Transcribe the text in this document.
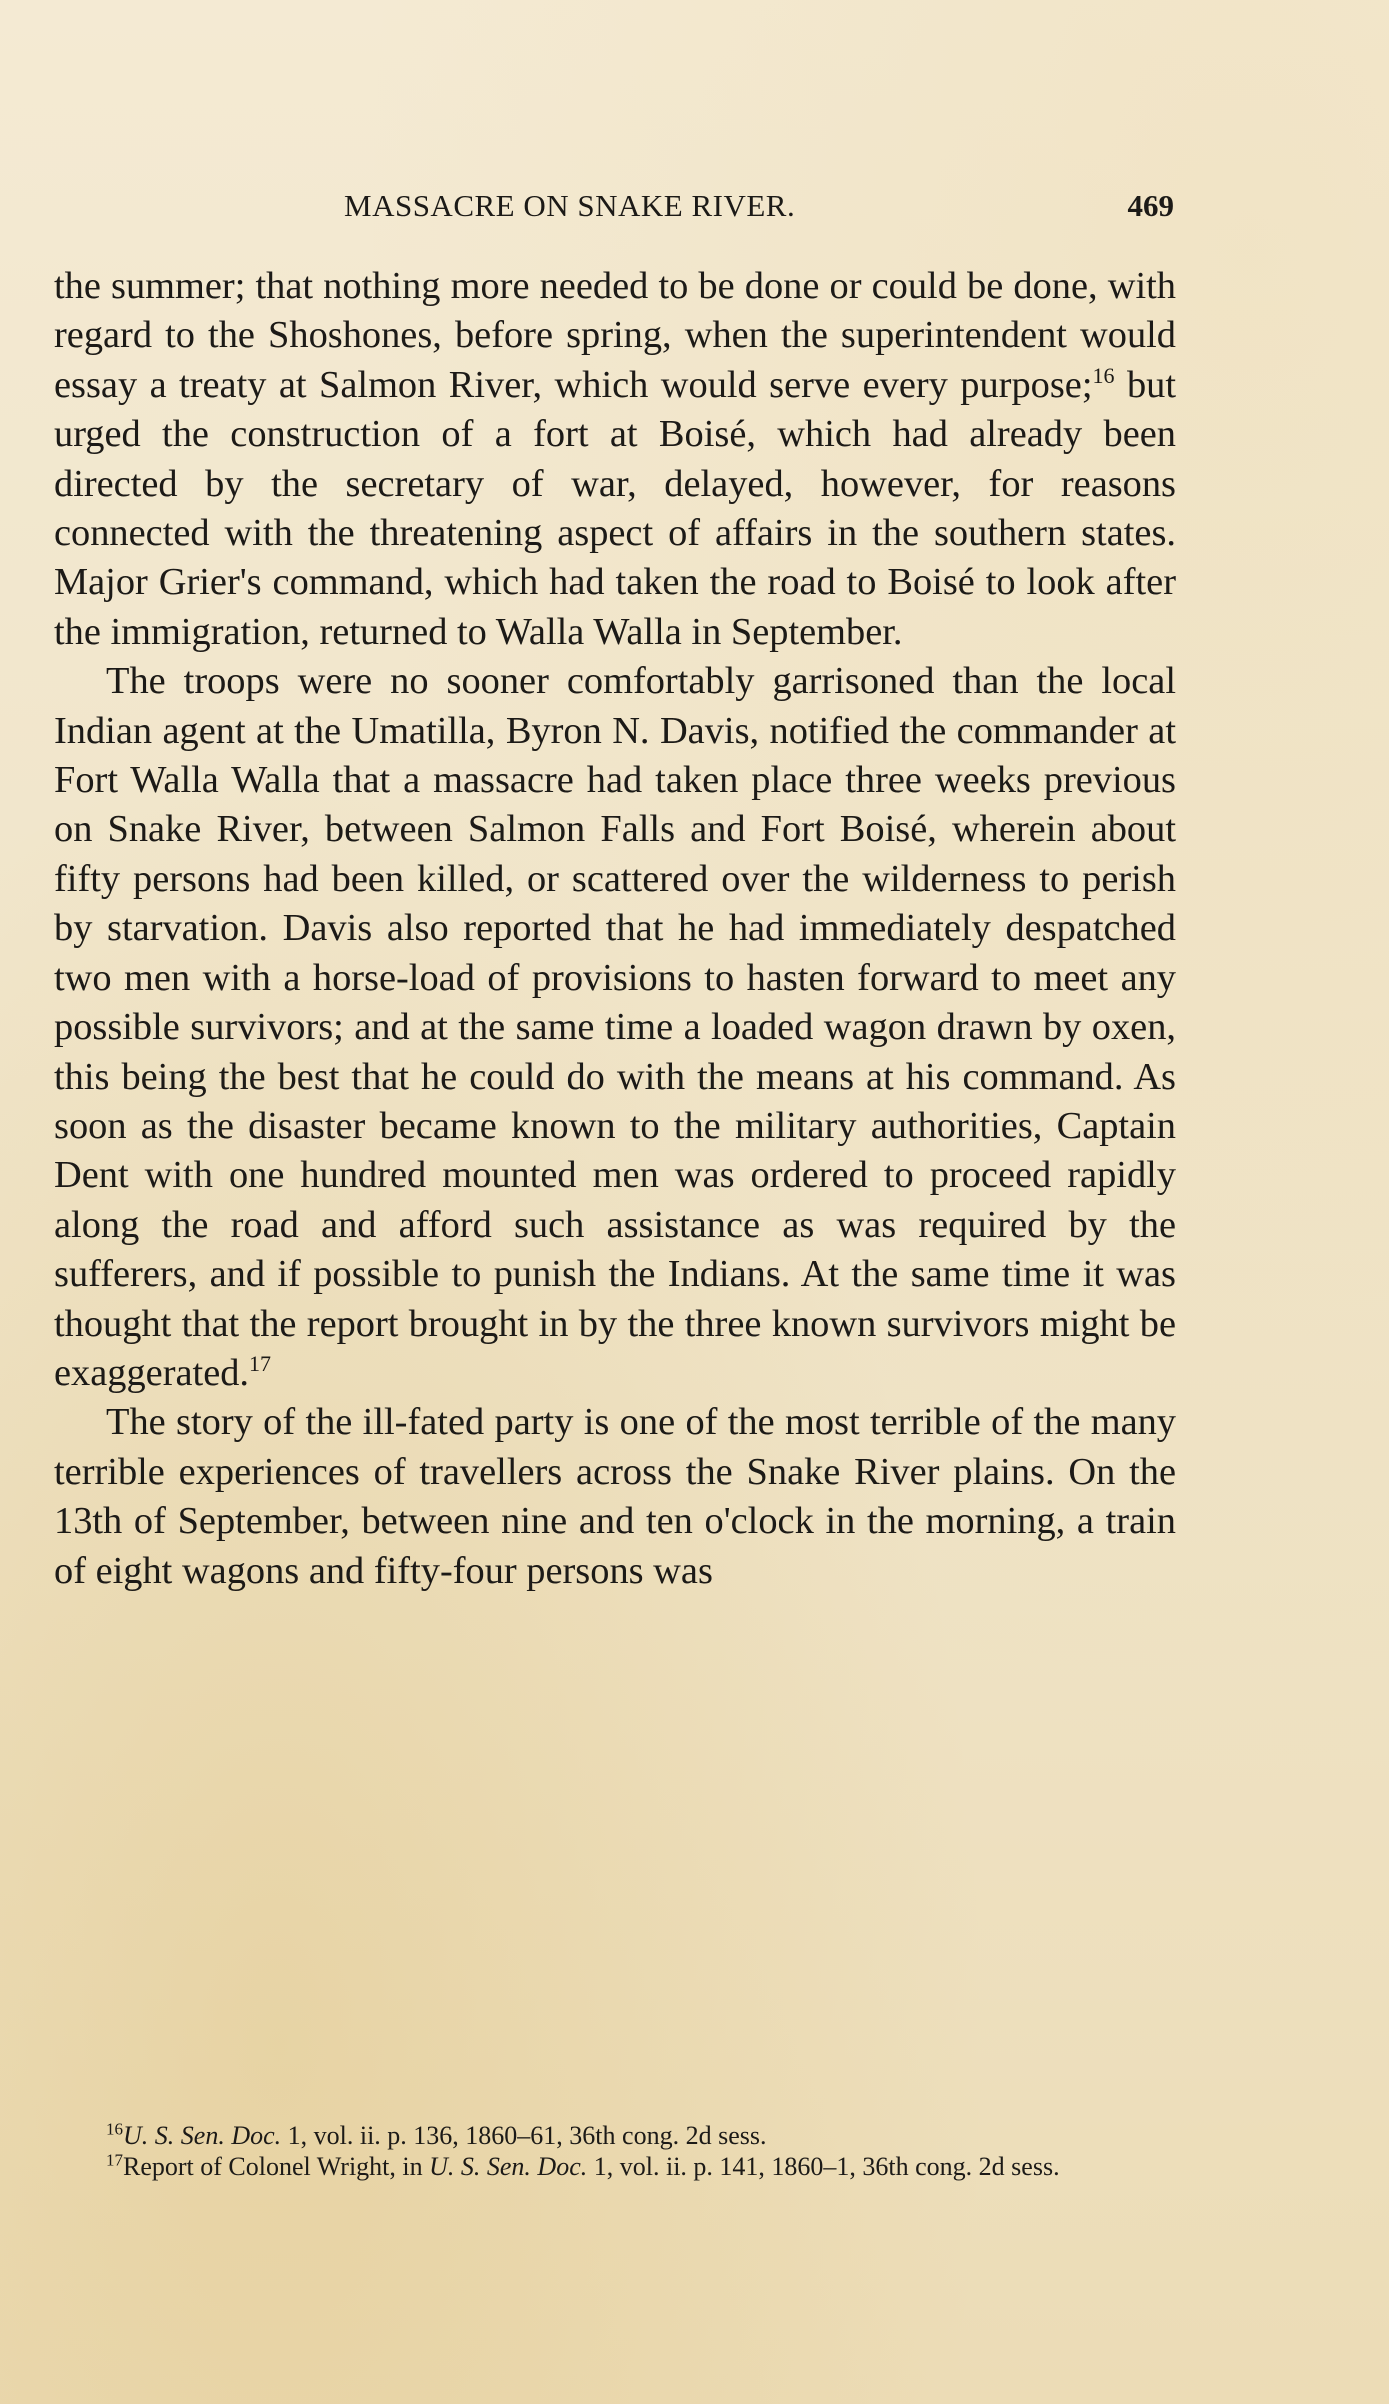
MASSACRE ON SNAKE RIVER.	469

the summer; that nothing more needed to be done or could be done, with regard to the Shoshones, before spring, when the superintendent would essay a treaty at Salmon River, which would serve every purpose;$^{16}$ but urged the construction of a fort at Boisé, which had already been directed by the secretary of war, delayed, however, for reasons connected with the threatening aspect of affairs in the southern states. Major Grier's command, which had taken the road to Boisé to look after the immigration, returned to Walla Walla in September.

The troops were no sooner comfortably garrisoned than the local Indian agent at the Umatilla, Byron N. Davis, notified the commander at Fort Walla Walla that a massacre had taken place three weeks previous on Snake River, between Salmon Falls and Fort Boisé, wherein about fifty persons had been killed, or scattered over the wilderness to perish by starvation. Davis also reported that he had immediately despatched two men with a horse-load of provisions to hasten forward to meet any possible survivors; and at the same time a loaded wagon drawn by oxen, this being the best that he could do with the means at his command. As soon as the disaster became known to the military authorities, Captain Dent with one hundred mounted men was ordered to proceed rapidly along the road and afford such assistance as was required by the sufferers, and if possible to punish the Indians. At the same time it was thought that the report brought in by the three known survivors might be exaggerated.$^{17}$

The story of the ill-fated party is one of the most terrible of the many terrible experiences of travellers across the Snake River plains. On the 13th of September, between nine and ten o'clock in the morning, a train of eight wagons and fifty-four persons was

$^{16}$U. S. Sen. Doc. 1, vol. ii. p. 136, 1860–61, 36th cong. 2d sess.

$^{17}$Report of Colonel Wright, in U. S. Sen. Doc. 1, vol. ii. p. 141, 1860–1, 36th cong. 2d sess.
